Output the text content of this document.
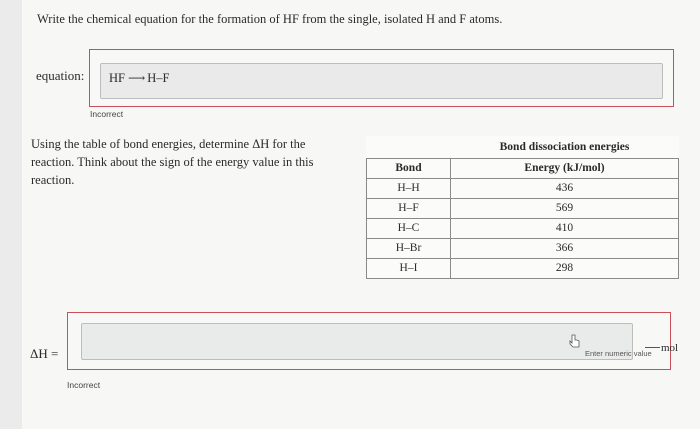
Write the chemical equation for the formation of HF from the single, isolated H and F atoms.
equation: HF ⟶ H–F
Incorrect
Using the table of bond energies, determine ΔH for the reaction. Think about the sign of the energy value in this reaction.
	Bond dissociation energies
Bond	Energy (kJ/mol)
H–H	436
H–F	569
H–C	410
H–Br	366
H–I	298
ΔH =	Enter numeric value mol
Incorrect
